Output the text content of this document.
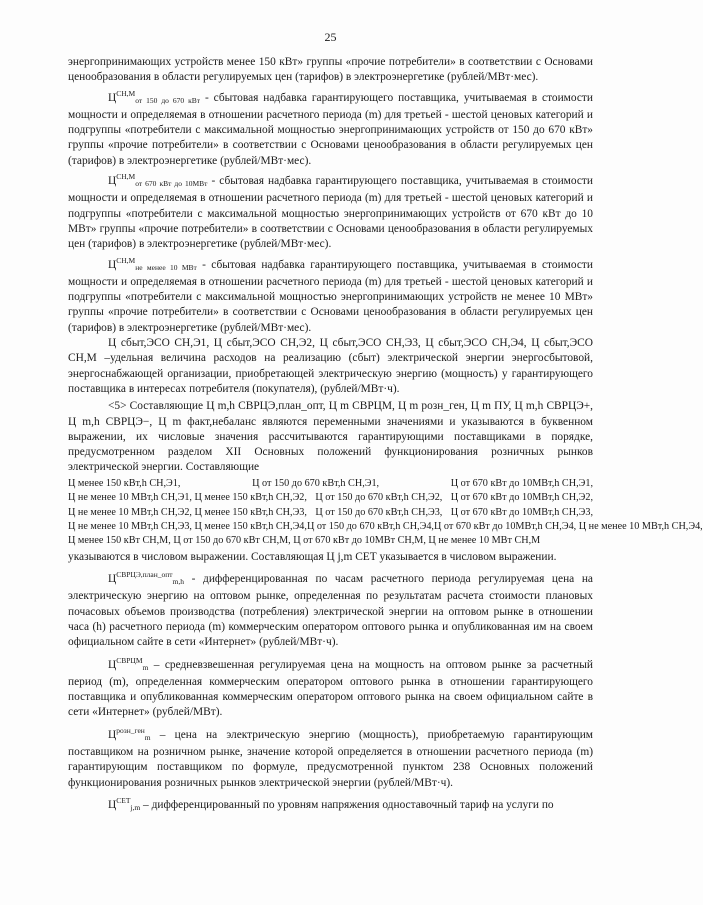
25

энергопринимающих устройств менее 150 кВт» группы «прочие потребители» в соответствии с Основами ценообразования в области регулируемых цен (тарифов) в электроэнергетике (рублей/МВт·мес).

$Ц^{СН,М}_{от 150 до 670 кВт}$ - сбытовая надбавка гарантирующего поставщика, учитываемая в стоимости мощности и определяемая в отношении расчетного периода (m) для третьей - шестой ценовых категорий и подгруппы «потребители с максимальной мощностью энергопринимающих устройств от 150 до 670 кВт» группы «прочие потребители» в соответствии с Основами ценообразования в области регулируемых цен (тарифов) в электроэнергетике (рублей/МВт·мес).

$Ц^{СН,М}_{от 670 кВт до 10МВт}$ - сбытовая надбавка гарантирующего поставщика, учитываемая в стоимости мощности и определяемая в отношении расчетного периода (m) для третьей - шестой ценовых категорий и подгруппы «потребители с максимальной мощностью энергопринимающих устройств от 670 кВт до 10 МВт» группы «прочие потребители» в соответствии с Основами ценообразования в области регулируемых цен (тарифов) в электроэнергетике (рублей/МВт·мес).

$Ц^{СН,М}_{не менее 10 МВт}$ - сбытовая надбавка гарантирующего поставщика, учитываемая в стоимости мощности и определяемая в отношении расчетного периода (m) для третьей - шестой ценовых категорий и подгруппы «потребители с максимальной мощностью энергопринимающих устройств не менее 10 МВт» группы «прочие потребители» в соответствии с Основами ценообразования в области регулируемых цен (тарифов) в электроэнергетике (рублей/МВт·мес).

Ц сбыт,ЭСО СН,Э1, Ц сбыт,ЭСО СН,Э2, Ц сбыт,ЭСО СН,Э3, Ц сбыт,ЭСО СН,Э4, Ц сбыт,ЭСО СН,М –удельная величина расходов на реализацию (сбыт) электрической энергии энергосбытовой, энергоснабжающей организации, приобретающей электрическую энергию (мощность) у гарантирующего поставщика в интересах потребителя (покупателя), (рублей/МВт·ч).

<5> Составляющие Ц m,h СВРЦЭ,план_опт, Ц m СВРЦМ, Ц m розн_ген, Ц m ПУ, Ц m,h СВРЦЭ+, Ц m,h СВРЦЭ−, Ц m факт,небаланс являются переменными значениями и указываются в буквенном выражении, их числовые значения рассчитываются гарантирующими поставщиками в порядке, предусмотренном разделом XII Основных положений функционирования розничных рынков электрической энергии. Составляющие

Ц менее 150 кВт,h СН,Э1,	Ц от 150 до 670 кВт,h СН,Э1,	Ц от 670 кВт до 10МВт,h СН,Э1,
Ц не менее 10 МВт,h СН,Э1, Ц менее 150 кВт,h СН,Э2, Ц от 150 до 670 кВт,h СН,Э2, Ц от 670 кВт до 10МВт,h СН,Э2,
Ц не менее 10 МВт,h СН,Э2, Ц менее 150 кВт,h СН,Э3, Ц от 150 до 670 кВт,h СН,Э3, Ц от 670 кВт до 10МВт,h СН,Э3,
Ц не менее 10 МВт,h СН,Э3, Ц менее 150 кВт,h СН,Э4, Ц от 150 до 670 кВт,h СН,Э4, Ц от 670 кВт до 10МВт,h СН,Э4, Ц не менее 10 МВт,h СН,Э4,
Ц менее 150 кВт СН,М, Ц от 150 до 670 кВт СН,М, Ц от 670 кВт до 10МВт СН,М, Ц не менее 10 МВт СН,М

указываются в числовом выражении. Составляющая Ц j,m СЕТ указывается в числовом выражении.

$Ц^{СВРЦЭ,план\_опт}_{m,h}$ - дифференцированная по часам расчетного периода регулируемая цена на электрическую энергию на оптовом рынке, определенная по результатам расчета стоимости плановых почасовых объемов производства (потребления) электрической энергии на оптовом рынке в отношении часа (h) расчетного периода (m) коммерческим оператором оптового рынка и опубликованная им на своем официальном сайте в сети «Интернет» (рублей/МВт·ч).

$Ц^{СВРЦМ}_m$ – средневзвешенная регулируемая цена на мощность на оптовом рынке за расчетный период (m), определенная коммерческим оператором оптового рынка в отношении гарантирующего поставщика и опубликованная коммерческим оператором оптового рынка на своем официальном сайте в сети «Интернет» (рублей/МВт).

$Ц^{розн\_ген}_m$ – цена на электрическую энергию (мощность), приобретаемую гарантирующим поставщиком на розничном рынке, значение которой определяется в отношении расчетного периода (m) гарантирующим поставщиком по формуле, предусмотренной пунктом 238 Основных положений функционирования розничных рынков электрической энергии (рублей/МВт·ч).

$Ц^{СЕТ}_{j,m}$ – дифференцированный по уровням напряжения одноставочный тариф на услуги по
